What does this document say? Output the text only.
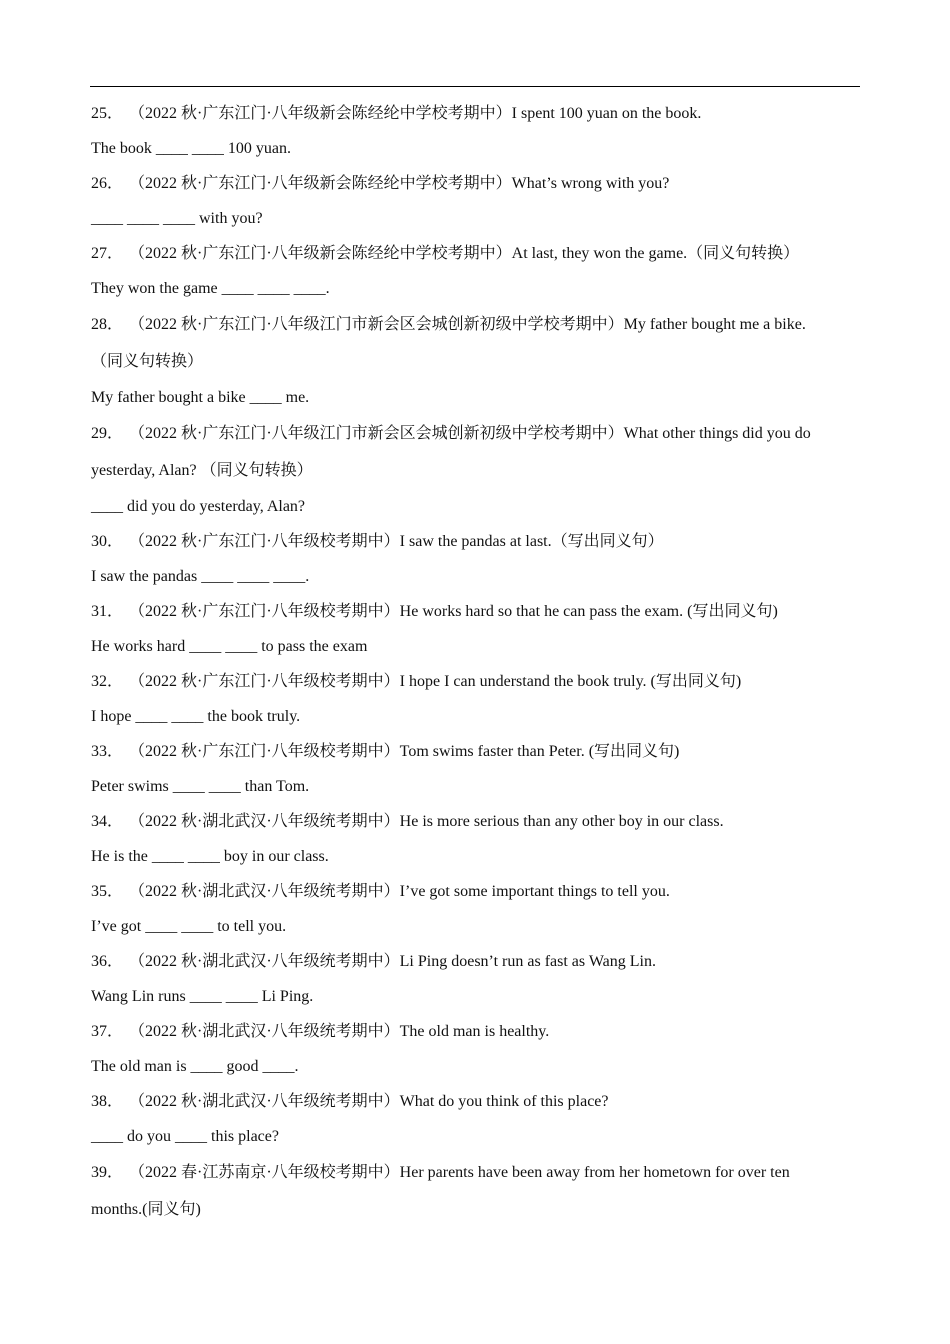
25． （2022 秋·广东江门·八年级新会陈经纶中学校考期中）I spent 100 yuan on the book.
The book ____ ____ 100 yuan.
26． （2022 秋·广东江门·八年级新会陈经纶中学校考期中）What’s wrong with you?
____ ____ ____ with you?
27． （2022 秋·广东江门·八年级新会陈经纶中学校考期中）At last, they won the game.（同义句转换）
They won the game ____ ____ ____.
28． （2022 秋·广东江门·八年级江门市新会区会城创新初级中学校考期中）My father bought me a bike.
（同义句转换）
My father bought a bike ____ me.
29． （2022 秋·广东江门·八年级江门市新会区会城创新初级中学校考期中）What other things did you do
yesterday, Alan? （同义句转换）
____ did you do yesterday, Alan?
30． （2022 秋·广东江门·八年级校考期中）I saw the pandas at last.（写出同义句）
I saw the pandas ____ ____ ____.
31． （2022 秋·广东江门·八年级校考期中）He works hard so that he can pass the exam. (写出同义句)
He works hard ____ ____ to pass the exam
32． （2022 秋·广东江门·八年级校考期中）I hope I can understand the book truly. (写出同义句)
I hope ____ ____ the book truly.
33． （2022 秋·广东江门·八年级校考期中）Tom swims faster than Peter. (写出同义句)
Peter swims ____ ____ than Tom.
34． （2022 秋·湖北武汉·八年级统考期中）He is more serious than any other boy in our class.
He is the ____ ____ boy in our class.
35． （2022 秋·湖北武汉·八年级统考期中）I’ve got some important things to tell you.
I’ve got ____ ____ to tell you.
36． （2022 秋·湖北武汉·八年级统考期中）Li Ping doesn’t run as fast as Wang Lin.
Wang Lin runs ____ ____ Li Ping.
37． （2022 秋·湖北武汉·八年级统考期中）The old man is healthy.
The old man is ____ good ____.
38． （2022 秋·湖北武汉·八年级统考期中）What do you think of this place?
____ do you ____ this place?
39． （2022 春·江苏南京·八年级校考期中）Her parents have been away from her hometown for over ten
months.(同义句)
